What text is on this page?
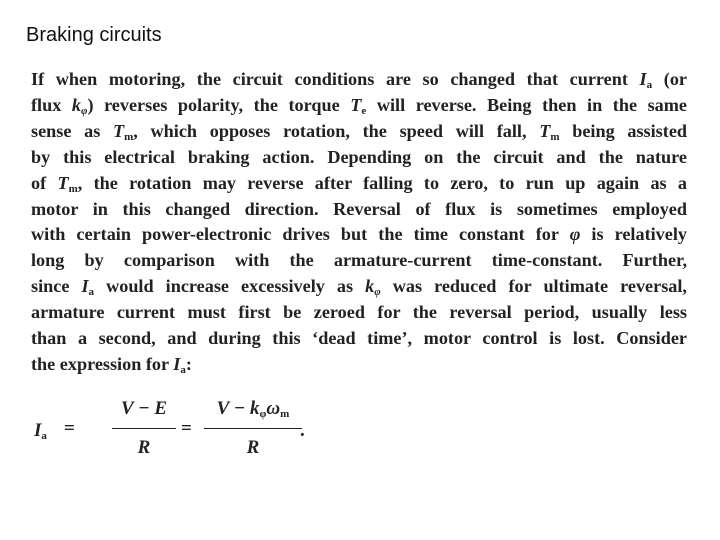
Braking circuits
If when motoring, the circuit conditions are so changed that current $I_a$ (or
flux $k_\varphi$) reverses polarity, the torque $T_e$ will reverse. Being then in the same
sense as $T_m$, which opposes rotation, the speed will fall, $T_m$ being assisted
by this electrical braking action. Depending on the circuit and the nature
of $T_m$, the rotation may reverse after falling to zero, to run up again as a
motor in this changed direction. Reversal of flux is sometimes employed
with certain power-electronic drives but the time constant for φ is relatively
long by comparison with the armature-current time-constant. Further,
since $I_a$ would increase excessively as $k_\varphi$ was reduced for ultimate reversal,
armature current must first be zeroed for the reversal period, usually less
than a second, and during this ‘dead time’, motor control is lost. Consider
the expression for $I_a$:
$I_a$ =
V − E
R
=
$V - k_\varphi\omega_m$
R
.
